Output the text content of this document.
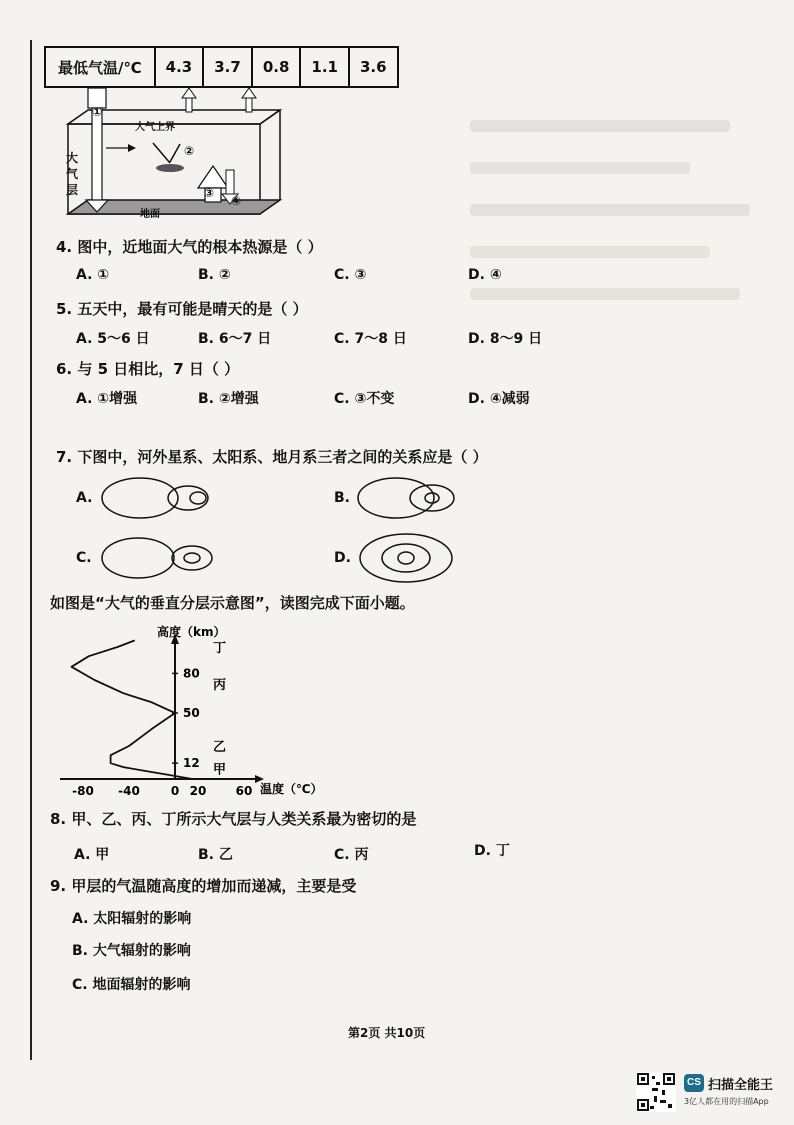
最低气温/℃	4.3	3.7	0.8	1.1	3.6
①
②
③
④
大气上界
大气层
地面
4. 图中，近地面大气的根本热源是（ ）
A. ①	B. ②	C. ③	D. ④
5. 五天中，最有可能是晴天的是（ ）
A. 5～6 日	B. 6～7 日	C. 7～8 日	D. 8～9 日
6. 与 5 日相比，7 日（ ）
A. ①增强	B. ②增强	C. ③不变	D. ④减弱
7. 下图中，河外星系、太阳系、地月系三者之间的关系应是（ ）
A.	B.
C.	D.
如图是“大气的垂直分层示意图”，读图完成下面小题。
高度（km）
温度（℃）
-80 -40	0 20 60
80
50
12
丁
丙
乙
甲
8. 甲、乙、丙、丁所示大气层与人类关系最为密切的是
A. 甲	B. 乙	C. 丙	D. 丁
9. 甲层的气温随高度的增加而递减，主要是受
A. 太阳辐射的影响
B. 大气辐射的影响
C. 地面辐射的影响
第2页 共10页
CS 扫描全能王
3亿人都在用的扫描App
